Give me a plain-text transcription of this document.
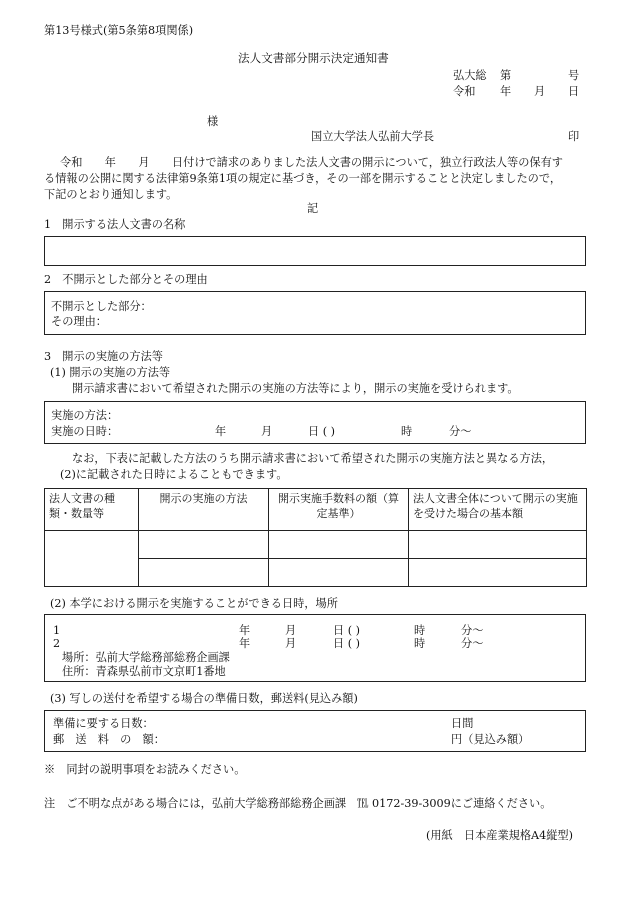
第13号様式(第5条第8項関係)
法人文書部分開示決定通知書
弘大総 第	号
令和 年 月 日
様
国立大学法人弘前大学長	印
令和　　年　　月　　日付けで請求のありました法人文書の開示について，独立行政法人等の保有す
る情報の公開に関する法律第9条第1項の規定に基づき，その一部を開示することと決定しましたので，
下記のとおり通知します。
記
1　開示する法人文書の名称
2　不開示とした部分とその理由
不開示とした部分：
その理由：
3　開示の実施の方法等
(1) 開示の実施の方法等
開示請求書において希望された開示の実施の方法等により，開示の実施を受けられます。
実施の方法：
実施の日時：	年	月	日 ( )	時	分〜
なお，下表に記載した方法のうち開示請求書において希望された開示の実施方法と異なる方法，
(2)に記載された日時によることもできます。
法人文書の種類・数量等	開示の実施の方法	開示実施手数料の額（算定基準）	法人文書全体について開示の実施を受けた場合の基本額

(2) 本学における開示を実施することができる日時，場所
1	年	月	日 ( )	時	分〜
2	年	月	日 ( )	時	分〜
場所：弘前大学総務部総務企画課
住所：青森県弘前市文京町1番地
(3) 写しの送付を希望する場合の準備日数，郵送料(見込み額)
準備に要する日数：	日間
郵　送　料　の　額：	円（見込み額）
※　同封の説明事項をお読みください。
注　ご不明な点がある場合には，弘前大学総務部総務企画課　℡ 0172-39-3009にご連絡ください。
(用紙　日本産業規格A4縦型)
